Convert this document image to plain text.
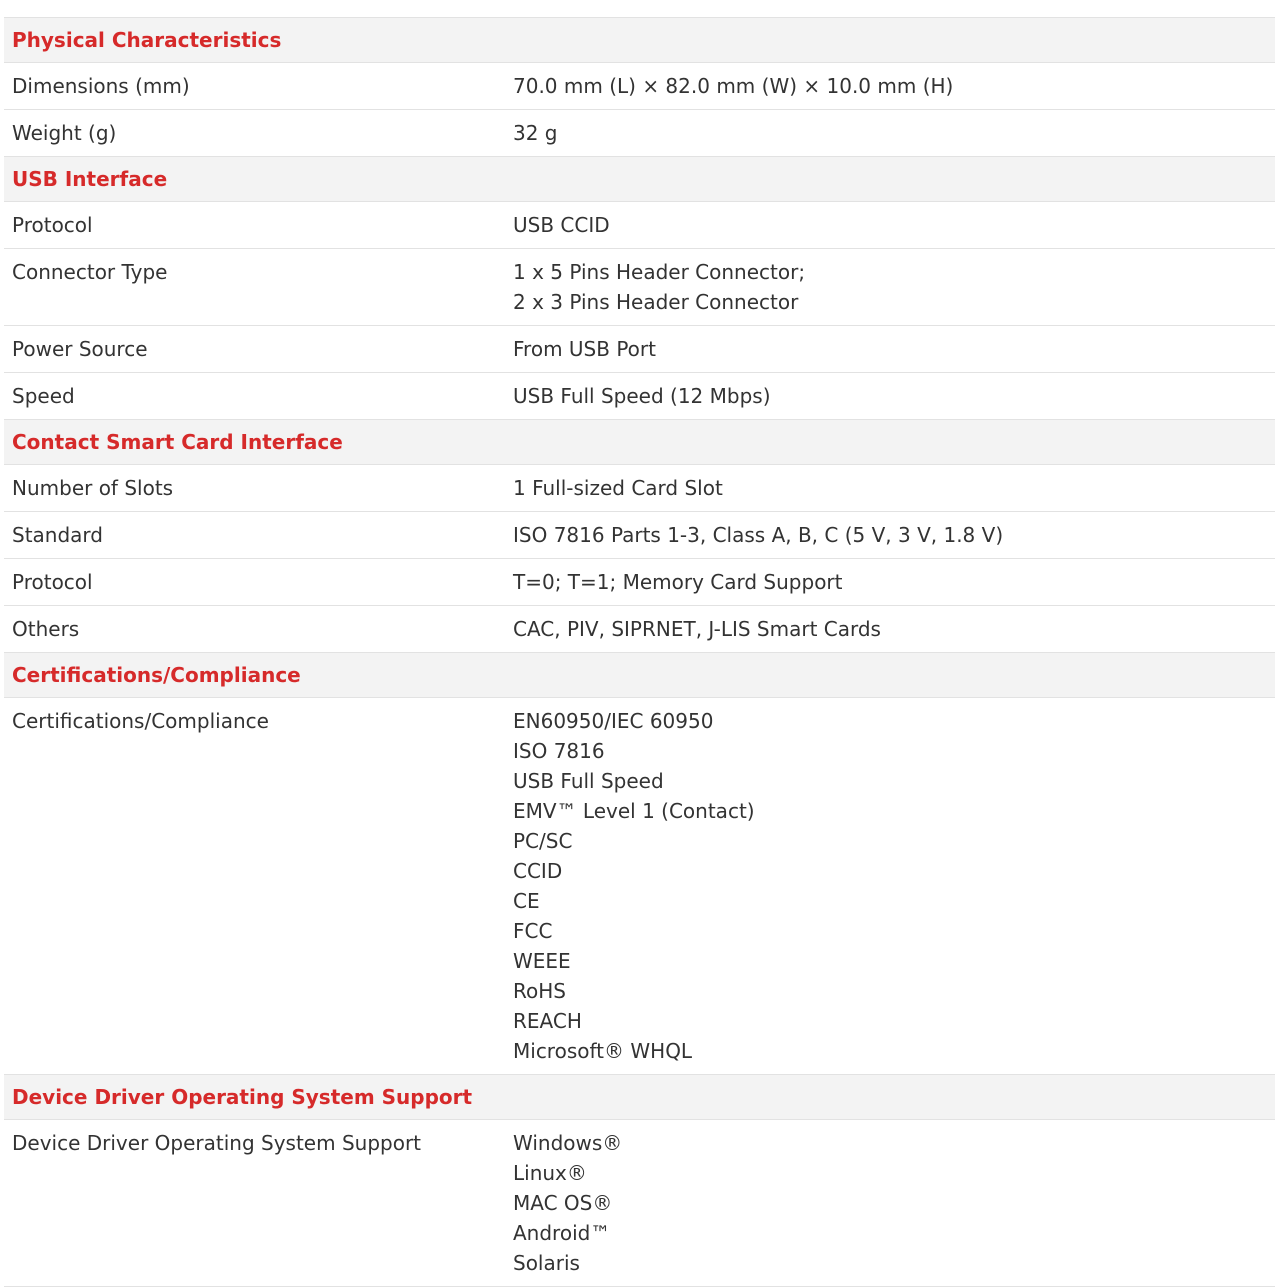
Physical Characteristics
Dimensions (mm)	70.0 mm (L) × 82.0 mm (W) × 10.0 mm (H)
Weight (g)	32 g
USB Interface
Protocol	USB CCID
Connector Type	1 x 5 Pins Header Connector;
2 x 3 Pins Header Connector
Power Source	From USB Port
Speed	USB Full Speed (12 Mbps)
Contact Smart Card Interface
Number of Slots	1 Full-sized Card Slot
Standard	ISO 7816 Parts 1-3, Class A, B, C (5 V, 3 V, 1.8 V)
Protocol	T=0; T=1; Memory Card Support
Others	CAC, PIV, SIPRNET, J-LIS Smart Cards
Certifications/Compliance
Certifications/Compliance	EN60950/IEC 60950
ISO 7816
USB Full Speed
EMV™ Level 1 (Contact)
PC/SC
CCID
CE
FCC
WEEE
RoHS
REACH
Microsoft® WHQL
Device Driver Operating System Support
Device Driver Operating System Support	Windows®
Linux®
MAC OS®
Android™
Solaris
